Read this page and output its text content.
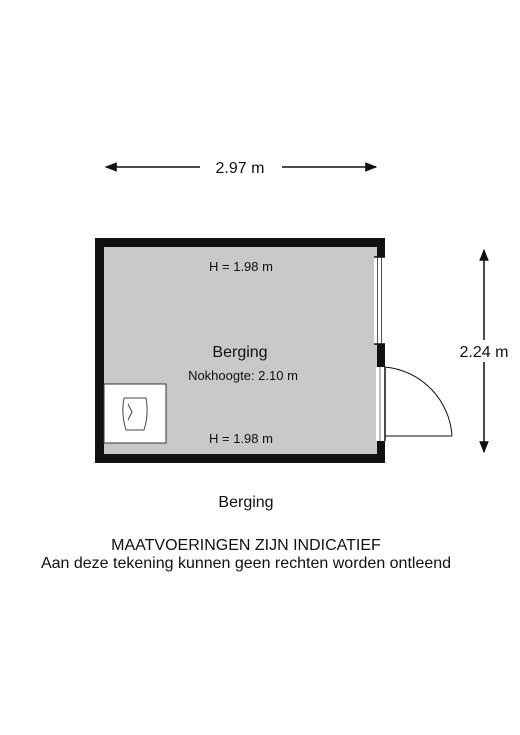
2.97 m
2.24 m
H = 1.98 m
Berging
Nokhoogte: 2.10 m
H = 1.98 m
Berging
MAATVOERINGEN ZIJN INDICATIEF
Aan deze tekening kunnen geen rechten worden ontleend
